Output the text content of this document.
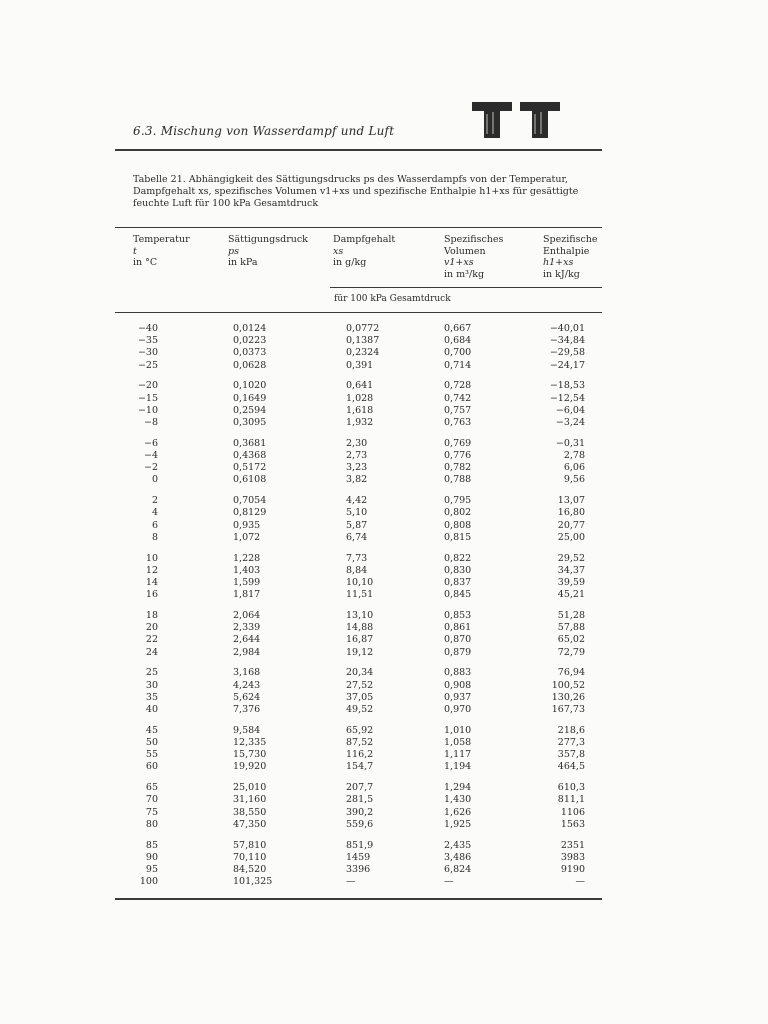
6.3. Mischung von Wasserdampf und Luft	TT
Tabelle 21. Abhängigkeit des Sättigungsdrucks ps des Wasserdampfs von der Temperatur,
Dampfgehalt xs, spezifisches Volumen v1+xs und spezifische Enthalpie h1+xs für gesättigte
feuchte Luft für 100 kPa Gesamtdruck
Temperatur
t
in °C
Sättigungsdruck
ps
in kPa
Dampfgehalt
xs
in g/kg
Spezifisches
Volumen
v1+xs
in m³/kg
Spezifische
Enthalpie
h1+xs
in kJ/kg
für 100 kPa Gesamtdruck
−40	0,0124	0,0772	0,667	−40,01
−35	0,0223	0,1387	0,684	−34,84
−30	0,0373	0,2324	0,700	−29,58
−25	0,0628	0,391	0,714	−24,17
−20	0,1020	0,641	0,728	−18,53
−15	0,1649	1,028	0,742	−12,54
−10	0,2594	1,618	0,757	−6,04
−8	0,3095	1,932	0,763	−3,24
−6	0,3681	2,30	0,769	−0,31
−4	0,4368	2,73	0,776	2,78
−2	0,5172	3,23	0,782	6,06
0	0,6108	3,82	0,788	9,56
2	0,7054	4,42	0,795	13,07
4	0,8129	5,10	0,802	16,80
6	0,935	5,87	0,808	20,77
8	1,072	6,74	0,815	25,00
10	1,228	7,73	0,822	29,52
12	1,403	8,84	0,830	34,37
14	1,599	10,10	0,837	39,59
16	1,817	11,51	0,845	45,21
18	2,064	13,10	0,853	51,28
20	2,339	14,88	0,861	57,88
22	2,644	16,87	0,870	65,02
24	2,984	19,12	0,879	72,79
25	3,168	20,34	0,883	76,94
30	4,243	27,52	0,908	100,52
35	5,624	37,05	0,937	130,26
40	7,376	49,52	0,970	167,73
45	9,584	65,92	1,010	218,6
50	12,335	87,52	1,058	277,3
55	15,730	116,2	1,117	357,8
60	19,920	154,7	1,194	464,5
65	25,010	207,7	1,294	610,3
70	31,160	281,5	1,430	811,1
75	38,550	390,2	1,626	1106
80	47,350	559,6	1,925	1563
85	57,810	851,9	2,435	2351
90	70,110	1459	3,486	3983
95	84,520	3396	6,824	9190
100	101,325	—	—	—
